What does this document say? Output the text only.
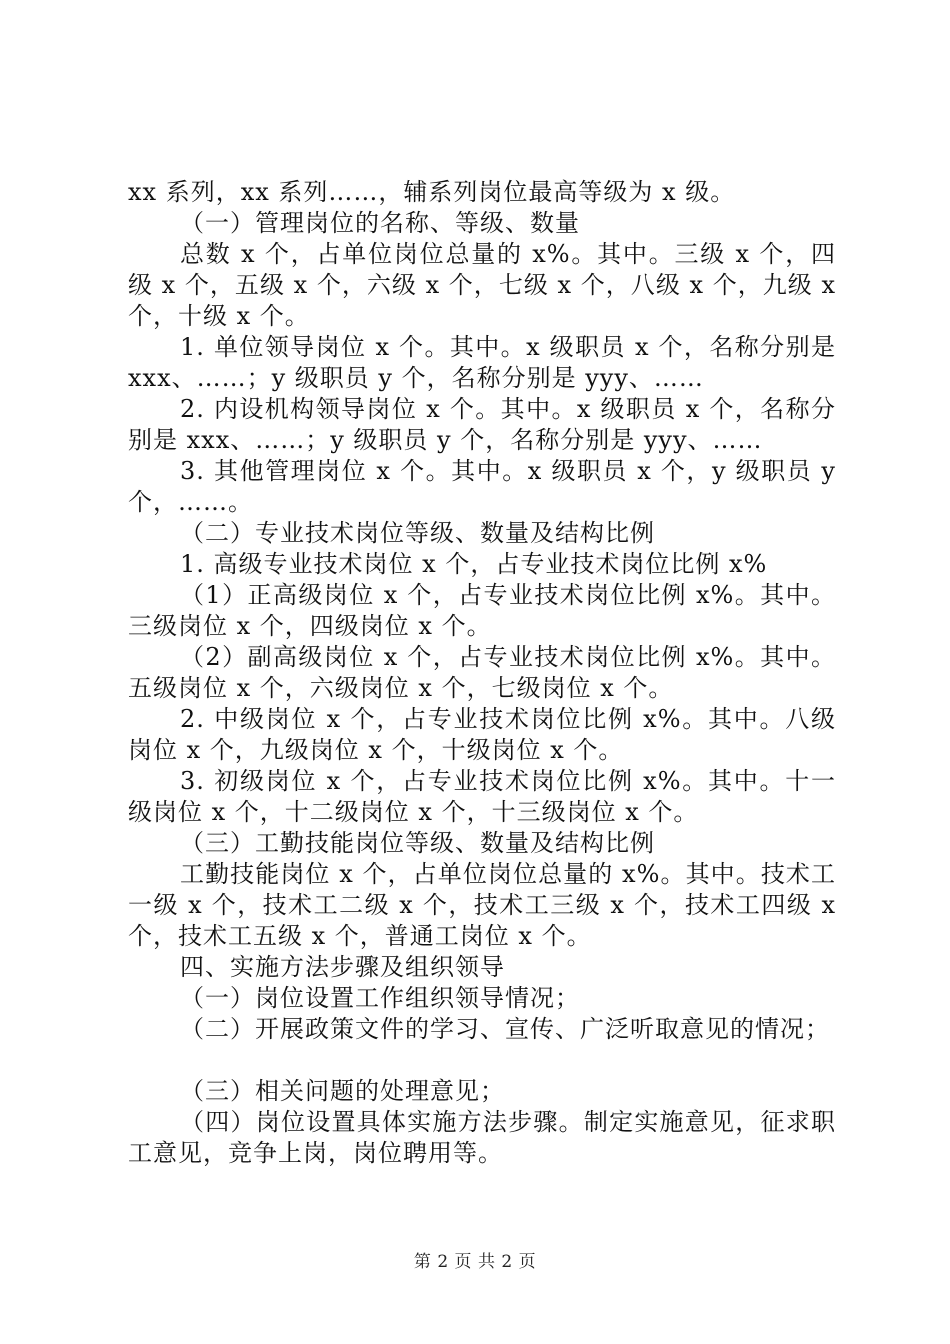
xx 系列，xx 系列……，辅系列岗位最高等级为 x 级。

（一）管理岗位的名称、等级、数量

总数 x 个，占单位岗位总量的 x%。其中。三级 x 个，四级 x 个，五级 x 个，六级 x 个，七级 x 个，八级 x 个，九级 x 个，十级 x 个。

1. 单位领导岗位 x 个。其中。x 级职员 x 个，名称分别是 xxx、……；y 级职员 y 个，名称分别是 yyy、……

2. 内设机构领导岗位 x 个。其中。x 级职员 x 个，名称分别是 xxx、……；y 级职员 y 个，名称分别是 yyy、……

3. 其他管理岗位 x 个。其中。x 级职员 x 个，y 级职员 y 个，……。

（二）专业技术岗位等级、数量及结构比例

1. 高级专业技术岗位 x 个，占专业技术岗位比例 x%

（1）正高级岗位 x 个，占专业技术岗位比例 x%。其中。三级岗位 x 个，四级岗位 x 个。

（2）副高级岗位 x 个，占专业技术岗位比例 x%。其中。五级岗位 x 个，六级岗位 x 个，七级岗位 x 个。

2. 中级岗位 x 个，占专业技术岗位比例 x%。其中。八级岗位 x 个，九级岗位 x 个，十级岗位 x 个。

3. 初级岗位 x 个，占专业技术岗位比例 x%。其中。十一级岗位 x 个，十二级岗位 x 个，十三级岗位 x 个。

（三）工勤技能岗位等级、数量及结构比例

工勤技能岗位 x 个，占单位岗位总量的 x%。其中。技术工一级 x 个，技术工二级 x 个，技术工三级 x 个，技术工四级 x 个，技术工五级 x 个，普通工岗位 x 个。

四、实施方法步骤及组织领导

（一）岗位设置工作组织领导情况；

（二）开展政策文件的学习、宣传、广泛听取意见的情况；

（三）相关问题的处理意见；

（四）岗位设置具体实施方法步骤。制定实施意见，征求职工意见，竞争上岗，岗位聘用等。

第 2 页 共 2 页
